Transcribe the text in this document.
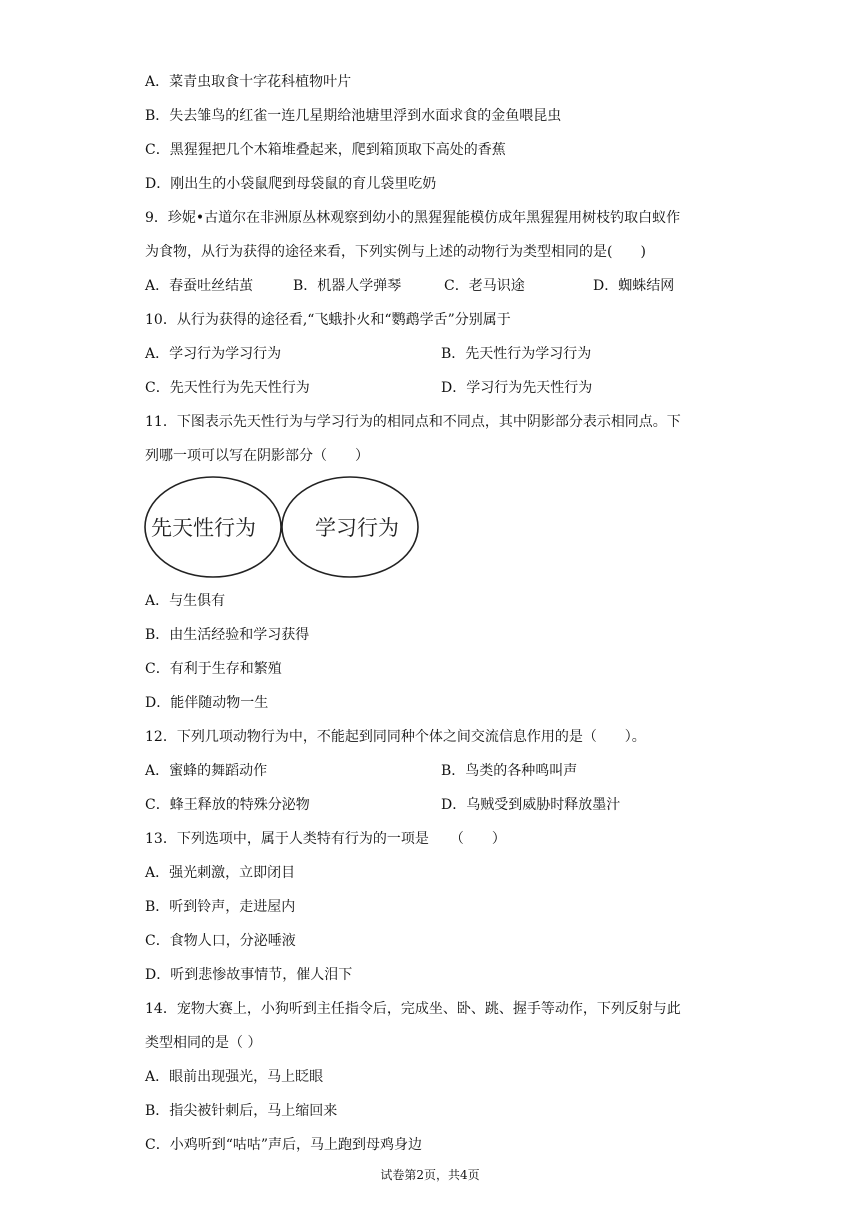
A．菜青虫取食十字花科植物叶片
B．失去雏鸟的红雀一连几星期给池塘里浮到水面求食的金鱼喂昆虫
C．黑猩猩把几个木箱堆叠起来，爬到箱顶取下高处的香蕉
D．刚出生的小袋鼠爬到母袋鼠的育儿袋里吃奶
9．珍妮•古道尔在非洲原丛林观察到幼小的黑猩猩能模仿成年黑猩猩用树枝钓取白蚁作
为食物，从行为获得的途径来看，下列实例与上述的动物行为类型相同的是(　　)
A．春蚕吐丝结茧	B．机器人学弹琴	C．老马识途	D．蜘蛛结网
10．从行为获得的途径看,“飞蛾扑火和“鹦鹉学舌”分别属于
A．学习行为学习行为	B．先天性行为学习行为
C．先天性行为先天性行为	D．学习行为先天性行为
11．下图表示先天性行为与学习行为的相同点和不同点，其中阴影部分表示相同点。下
列哪一项可以写在阴影部分（　　）
先天性行为	学习行为
A．与生俱有
B．由生活经验和学习获得
C．有利于生存和繁殖
D．能伴随动物一生
12．下列几项动物行为中，不能起到同同种个体之间交流信息作用的是（　　）。
A．蜜蜂的舞蹈动作	B．鸟类的各种鸣叫声
C．蜂王释放的特殊分泌物	D．乌贼受到威胁时释放墨汁
13．下列选项中，属于人类特有行为的一项是　　（　　）
A．强光刺激，立即闭目
B．听到铃声，走进屋内
C．食物人口，分泌唾液
D．听到悲惨故事情节，催人泪下
14．宠物大赛上，小狗听到主任指令后，完成坐、卧、跳、握手等动作，下列反射与此
类型相同的是（ ）
A．眼前出现强光，马上眨眼
B．指尖被针刺后，马上缩回来
C．小鸡听到“咕咕”声后，马上跑到母鸡身边
试卷第2页，共4页
